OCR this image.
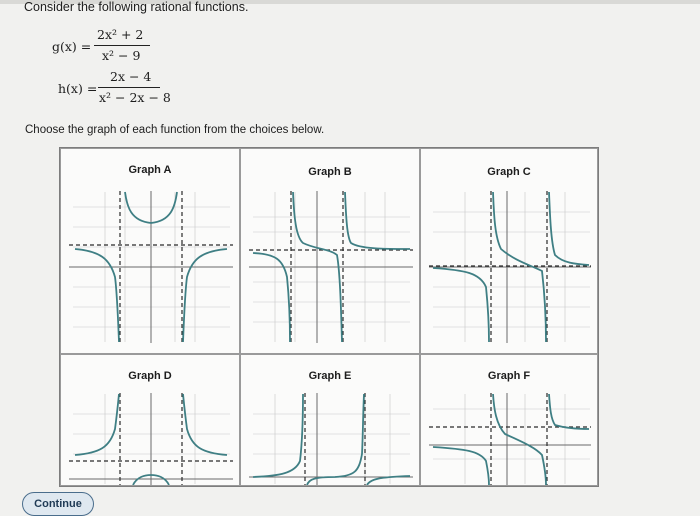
Consider the following rational functions.
g(x) =
2x² + 2
x² − 9
h(x) =
2x − 4
x² − 2x − 8
Choose the graph of each function from the choices below.
Graph A	Graph B	Graph C
Graph D	Graph E	Graph F
Continue
